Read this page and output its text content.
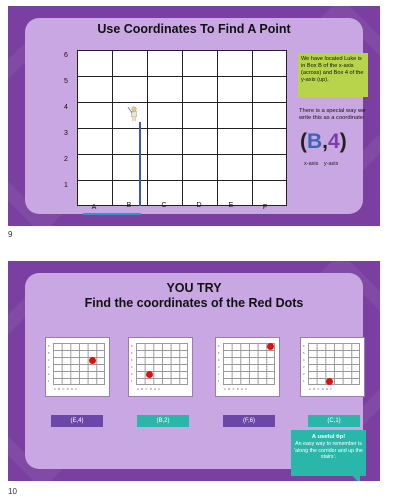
Use Coordinates To Find A Point
6
5
4
3
2
1
A	B	C	D	E	F
We have located Luke is in Box B of the x-axis (across) and Box 4 of the y-axis (up).
There is a special way we write this as a coordinate:
(B,4)
x-axis y-axis
9
YOU TRY
Find the coordinates of the Red Dots
6
5
4
3
2
1
ABCDEF
6
5
4
3
2
1
ABCDEF
6
5
4
3
2
1
ABCDEF
6
5
4
3
2
1
ABCDEF
(E,4)	(B,2)	(F,6)	(C,1)
A useful tip!
An easy way to remember is 'along the corridor and up the stairs'.
10
